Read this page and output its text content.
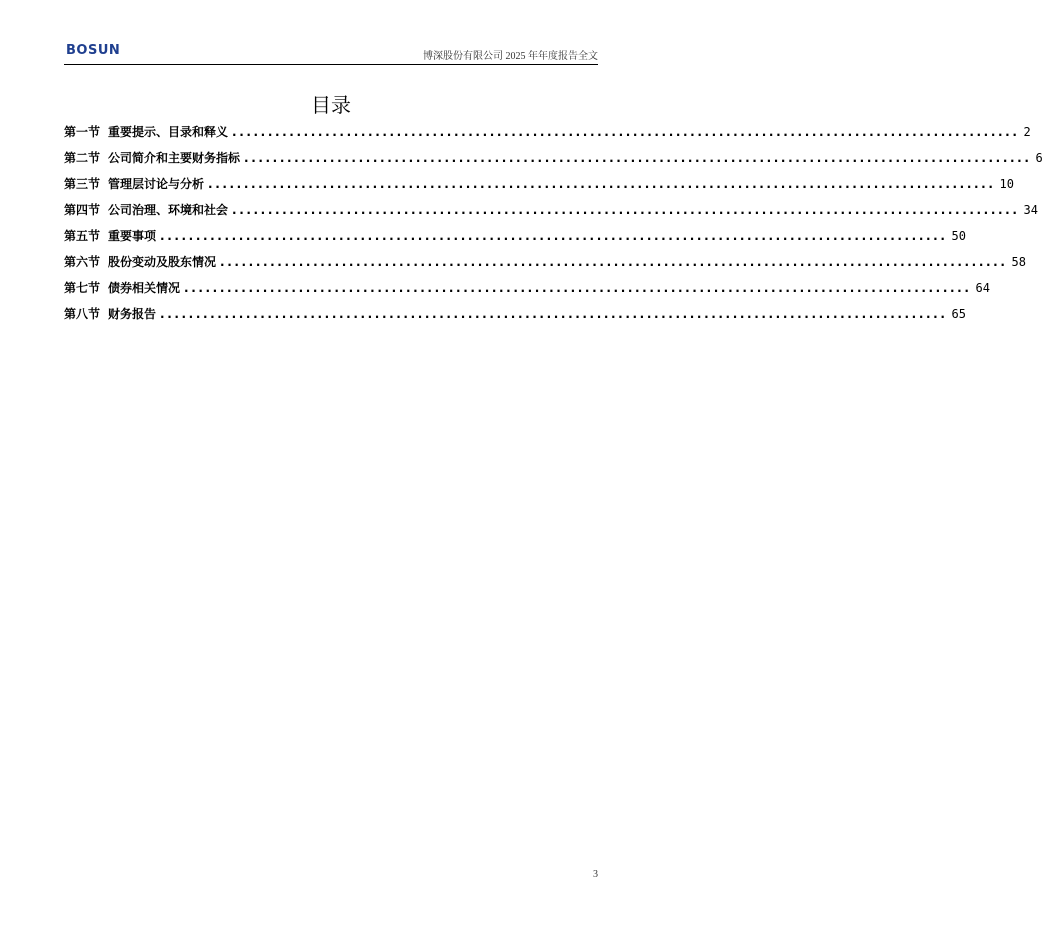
BOSUN	博深股份有限公司 2025 年年度报告全文
目录
第一节 重要提示、目录和释义 .............................................................................................................. 2
第二节 公司简介和主要财务指标 .............................................................................................................. 6
第三节 管理层讨论与分析 .............................................................................................................. 10
第四节 公司治理、环境和社会 .............................................................................................................. 34
第五节 重要事项 .............................................................................................................. 50
第六节 股份变动及股东情况 .............................................................................................................. 58
第七节 债券相关情况 .............................................................................................................. 64
第八节 财务报告 .............................................................................................................. 65
3
